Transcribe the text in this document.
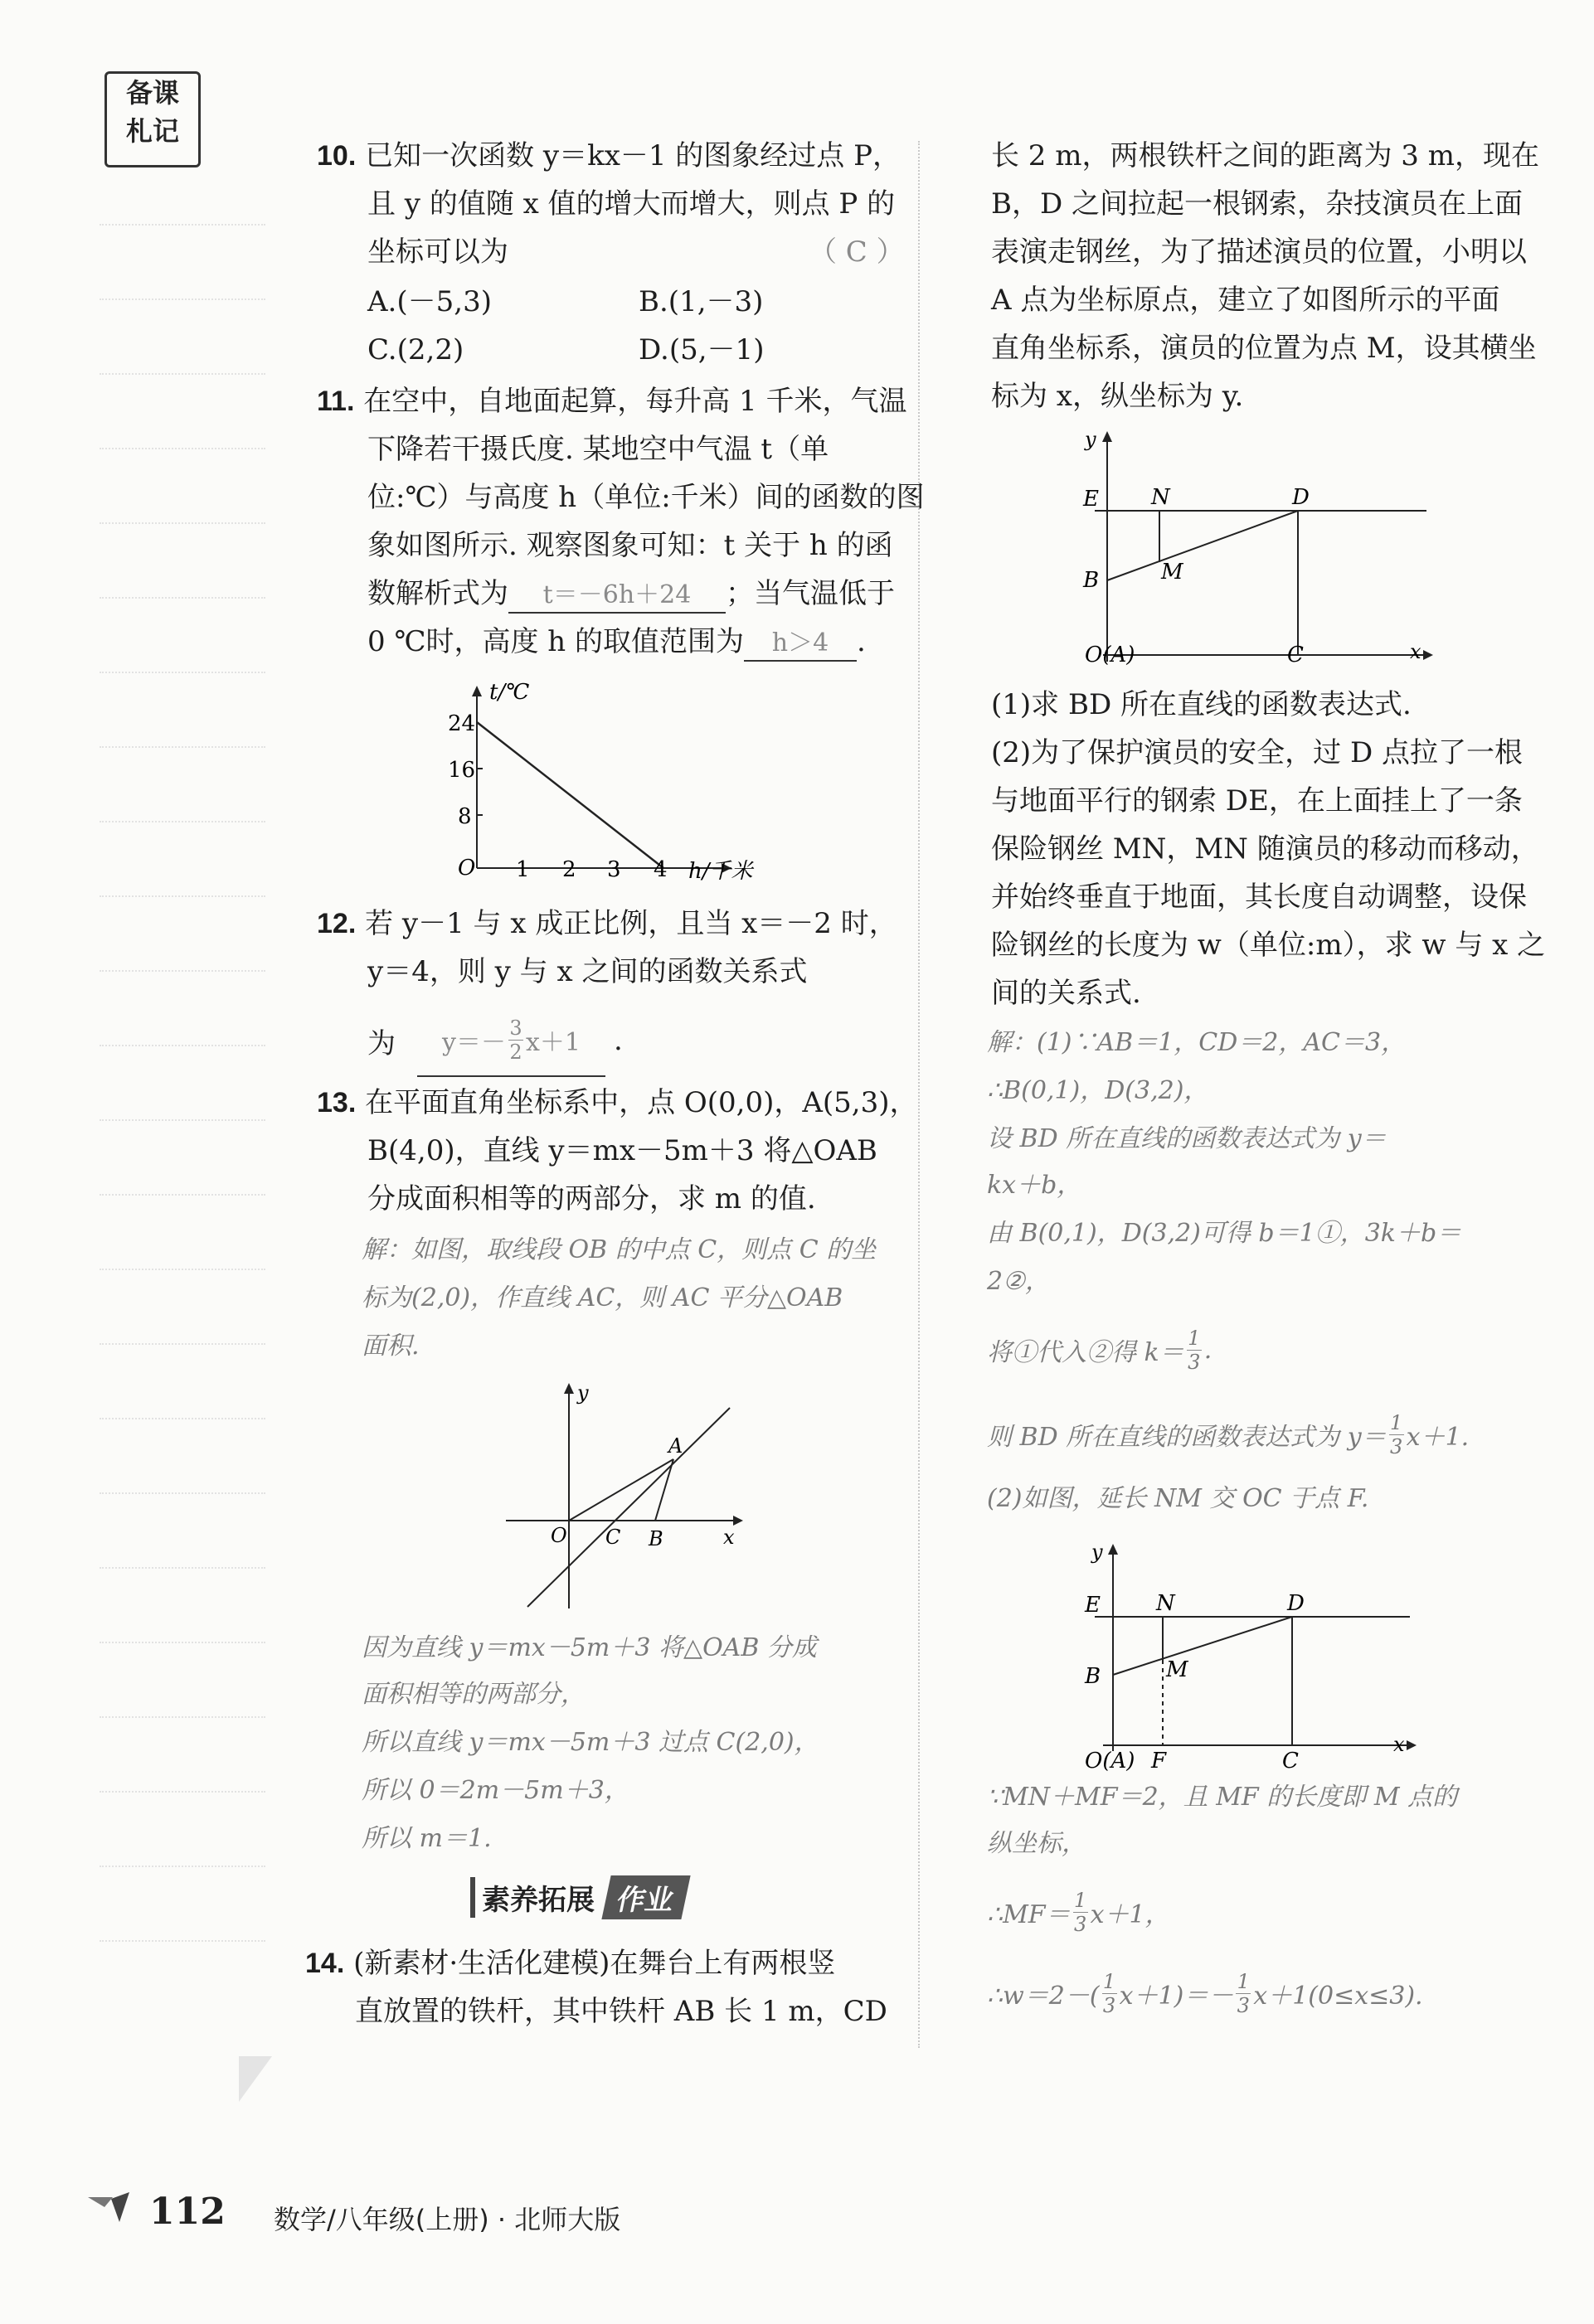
备课
札记
10. 已知一次函数 y＝kx－1 的图象经过点 P，
且 y 的值随 x 值的增大而增大，则点 P 的
坐标可以为	（ C ）
A.(－5,3)	B.(1,－3)
C.(2,2)	D.(5,－1)
11. 在空中，自地面起算，每升高 1 千米，气温
下降若干摄氏度. 某地空中气温 t（单
位:℃）与高度 h（单位:千米）间的函数的图
象如图所示. 观察图象可知：t 关于 h 的函
数解析式为 t＝－6h＋24 ；当气温低于
0 ℃时，高度 h 的取值范围为 h＞4 .
t/℃
24
16
8
O 1 2 3 4 h/千米
12. 若 y－1 与 x 成正比例，且当 x＝－2 时，
y＝4，则 y 与 x 之间的函数关系式
为 y＝－
3
2 x＋1 .
13. 在平面直角坐标系中，点 O(0,0)，A(5,3)，
B(4,0)，直线 y＝mx－5m＋3 将△OAB
分成面积相等的两部分，求 m 的值.
解：如图，取线段 OB 的中点 C，则点 C 的坐
标为(2,0)，作直线 AC，则 AC 平分△OAB
面积.
y
x
O
A
C B
因为直线 y＝mx－5m＋3 将△OAB 分成
面积相等的两部分，
所以直线 y＝mx－5m＋3 过点 C(2,0)，
所以 0＝2m－5m＋3，
所以 m＝1.
素养拓展 作业
14. (新素材·生活化建模)在舞台上有两根竖
直放置的铁杆，其中铁杆 AB 长 1 m，CD
长 2 m，两根铁杆之间的距离为 3 m，现在
B，D 之间拉起一根钢索，杂技演员在上面
表演走钢丝，为了描述演员的位置，小明以
A 点为坐标原点，建立了如图所示的平面
直角坐标系，演员的位置为点 M，设其横坐
标为 x，纵坐标为 y.
y
x
E N	D
B	M
O(A)	C
(1)求 BD 所在直线的函数表达式.
(2)为了保护演员的安全，过 D 点拉了一根
与地面平行的钢索 DE，在上面挂上了一条
保险钢丝 MN，MN 随演员的移动而移动，
并始终垂直于地面，其长度自动调整，设保
险钢丝的长度为 w（单位:m），求 w 与 x 之
间的关系式.
解：(1)∵AB＝1，CD＝2，AC＝3，
∴B(0,1)，D(3,2)，
设 BD 所在直线的函数表达式为 y＝
kx＋b，
由 B(0,1)，D(3,2)可得 b＝1①，3k＋b＝
2②，
将①代入②得 k＝
1
3 .
则 BD 所在直线的函数表达式为 y＝
1
3 x＋1.
(2)如图，延长 NM 交 OC 于点 F.
y
x
E	N	D
B	M
O(A) F	C
∵MN＋MF＝2，且 MF 的长度即 M 点的
纵坐标，
∴MF＝
1
3 x＋1，
∴w＝2－(
1
3 x＋1)＝－
1
3 x＋1(0≤x≤3).
112 数学/八年级(上册) · 北师大版
